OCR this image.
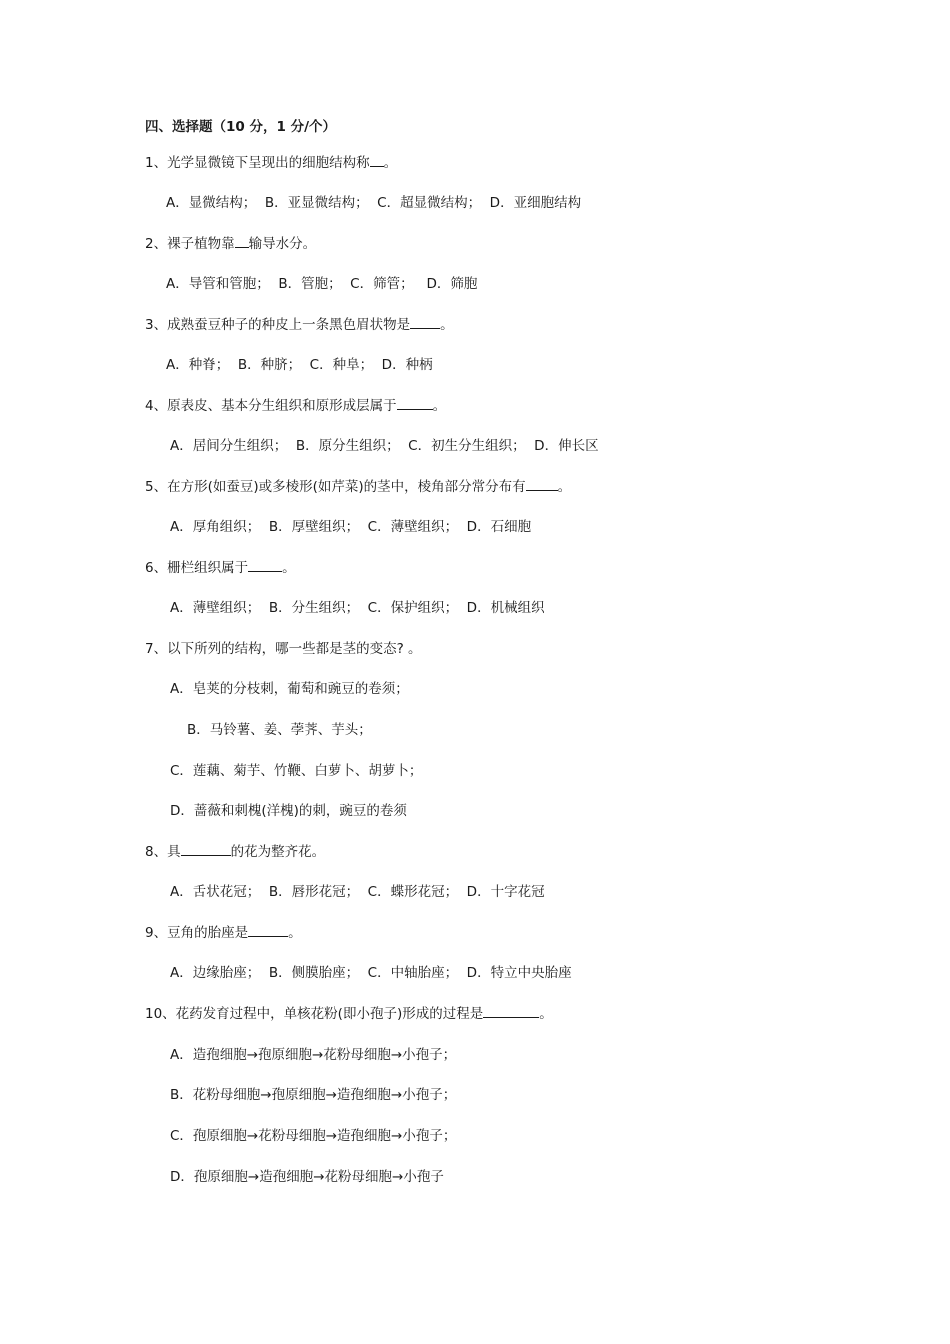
四、选择题（10 分，1 分/个）
1、光学显微镜下呈现出的细胞结构称 。
A．显微结构；  B．亚显微结构；  C．超显微结构；  D．亚细胞结构
2、裸子植物靠 输导水分。
A．导管和管胞；  B．管胞；  C．筛管；   D．筛胞
3、成熟蚕豆种子的种皮上一条黑色眉状物是 。
A．种脊；  B．种脐；  C．种阜；  D．种柄
4、原表皮、基本分生组织和原形成层属于	。
A．居间分生组织；  B．原分生组织；  C．初生分生组织；  D．伸长区
5、在方形(如蚕豆)或多棱形(如芹菜)的茎中，棱角部分常分布有 。
A．厚角组织；  B．厚壁组织；  C．薄壁组织；  D．石细胞
6、栅栏组织属于	。
A．薄壁组织；  B．分生组织；  C．保护组织；  D．机械组织
7、以下所列的结构，哪一些都是茎的变态? 。
A．皂荚的分枝刺，葡萄和豌豆的卷须；
B．马铃薯、姜、荸荠、芋头；
C．莲藕、菊芋、竹鞭、白萝卜、胡萝卜；
D．蔷薇和刺槐(洋槐)的刺，豌豆的卷须
8、具	的花为整齐花。
A．舌状花冠；  B．唇形花冠；  C．蝶形花冠；  D．十字花冠
9、豆角的胎座是	。
A．边缘胎座；  B．侧膜胎座；  C．中轴胎座；  D．特立中央胎座
10、花药发育过程中，单核花粉(即小孢子)形成的过程是	。
A．造孢细胞→孢原细胞→花粉母细胞→小孢子；
B．花粉母细胞→孢原细胞→造孢细胞→小孢子；
C．孢原细胞→花粉母细胞→造孢细胞→小孢子；
D．孢原细胞→造孢细胞→花粉母细胞→小孢子
